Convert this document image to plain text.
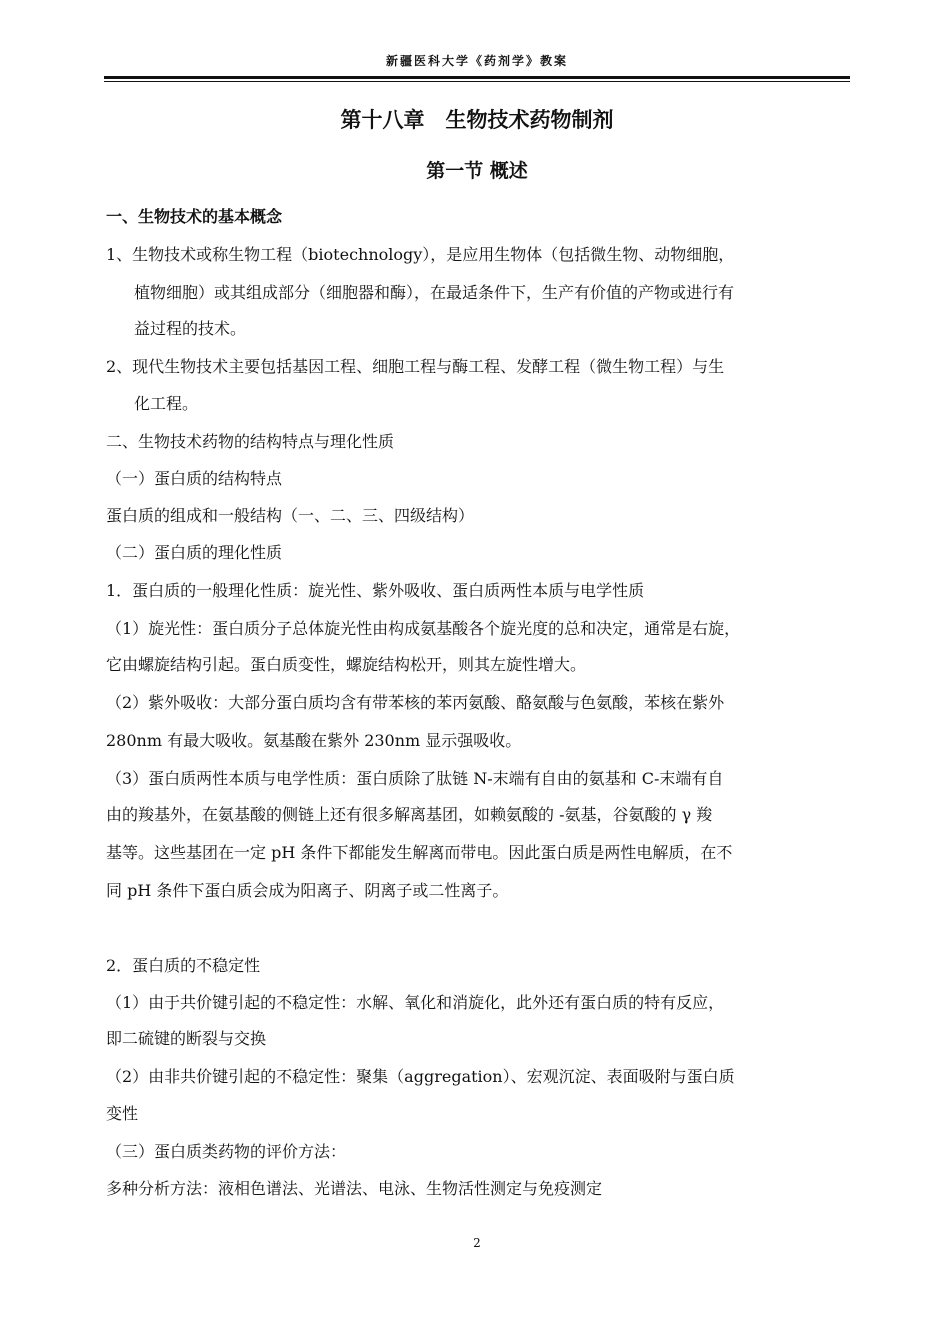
新疆医科大学《药剂学》教案
第十八章　生物技术药物制剂
第一节 概述
一、生物技术的基本概念
1、生物技术或称生物工程（biotechnology），是应用生物体（包括微生物、动物细胞，
植物细胞）或其组成部分（细胞器和酶），在最适条件下，生产有价值的产物或进行有
益过程的技术。
2、现代生物技术主要包括基因工程、细胞工程与酶工程、发酵工程（微生物工程）与生
化工程。
二、生物技术药物的结构特点与理化性质
（一）蛋白质的结构特点
蛋白质的组成和一般结构（一、二、三、四级结构）
（二）蛋白质的理化性质
1．蛋白质的一般理化性质：旋光性、紫外吸收、蛋白质两性本质与电学性质
（1）旋光性：蛋白质分子总体旋光性由构成氨基酸各个旋光度的总和决定，通常是右旋，
它由螺旋结构引起。蛋白质变性，螺旋结构松开，则其左旋性增大。
（2）紫外吸收：大部分蛋白质均含有带苯核的苯丙氨酸、酪氨酸与色氨酸，苯核在紫外
280nm 有最大吸收。氨基酸在紫外 230nm 显示强吸收。
（3）蛋白质两性本质与电学性质：蛋白质除了肽链 N-末端有自由的氨基和 C-末端有自
由的羧基外，在氨基酸的侧链上还有很多解离基团，如赖氨酸的 -氨基，谷氨酸的 γ 羧
基等。这些基团在一定 pH 条件下都能发生解离而带电。因此蛋白质是两性电解质，在不
同 pH 条件下蛋白质会成为阳离子、阴离子或二性离子。
2．蛋白质的不稳定性
（1）由于共价键引起的不稳定性：水解、氧化和消旋化，此外还有蛋白质的特有反应，
即二硫键的断裂与交换
（2）由非共价键引起的不稳定性：聚集（aggregation）、宏观沉淀、表面吸附与蛋白质
变性
（三）蛋白质类药物的评价方法：
多种分析方法：液相色谱法、光谱法、电泳、生物活性测定与免疫测定
2
